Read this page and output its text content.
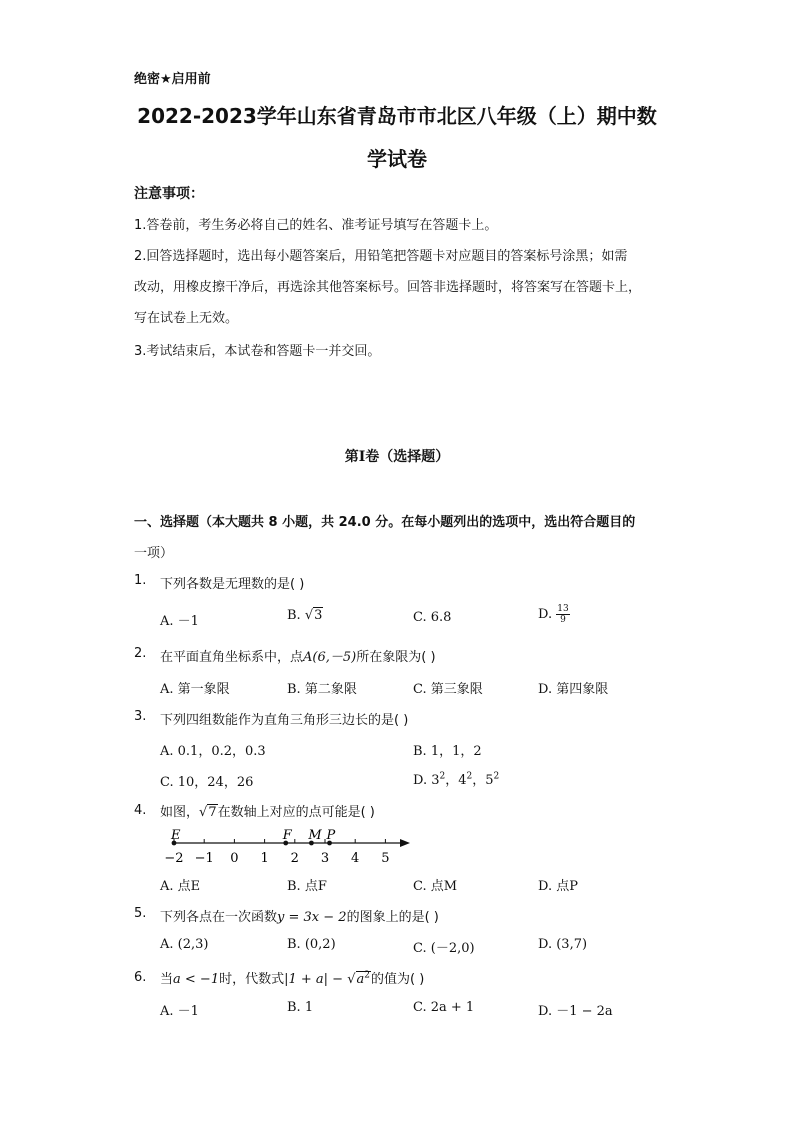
绝密★启用前
2022-2023学年山东省青岛市市北区八年级（上）期中数
学试卷
注意事项：
1.答卷前，考生务必将自己的姓名、准考证号填写在答题卡上。
2.回答选择题时，选出每小题答案后，用铅笔把答题卡对应题目的答案标号涂黑；如需
改动，用橡皮擦干净后，再选涂其他答案标号。回答非选择题时，将答案写在答题卡上，
写在试卷上无效。
3.考试结束后，本试卷和答题卡一并交回。
第I卷（选择题）
一、选择题（本大题共 8 小题，共 24.0 分。在每小题列出的选项中，选出符合题目的
一项）
1. 下列各数是无理数的是( )
A. －1	B. √3	C. 6.8	D. $\frac{13}{9}$
2. 在平面直角坐标系中，点A(6,－5)所在象限为( )
A. 第一象限	B. 第二象限	C. 第三象限	D. 第四象限
3. 下列四组数能作为直角三角形三边长的是( )
A. 0.1，0.2，0.3	B. 1，1，2
C. 10，24，26	D. $3^2$，$4^2$，$5^2$
4. 如图，√7在数轴上对应的点可能是( )
−2 −1 0 1 2 3 4 5
E	F M P
A. 点E	B. 点F	C. 点M	D. 点P
5. 下列各点在一次函数y = 3x − 2的图象上的是( )
A. (2,3)	B. (0,2)	C. (－2,0)	D. (3,7)
6. 当a < −1时，代数式$|1 + a| - √a^2$的值为( )
A. －1	B. 1	C. 2a + 1	D. －1 − 2a
